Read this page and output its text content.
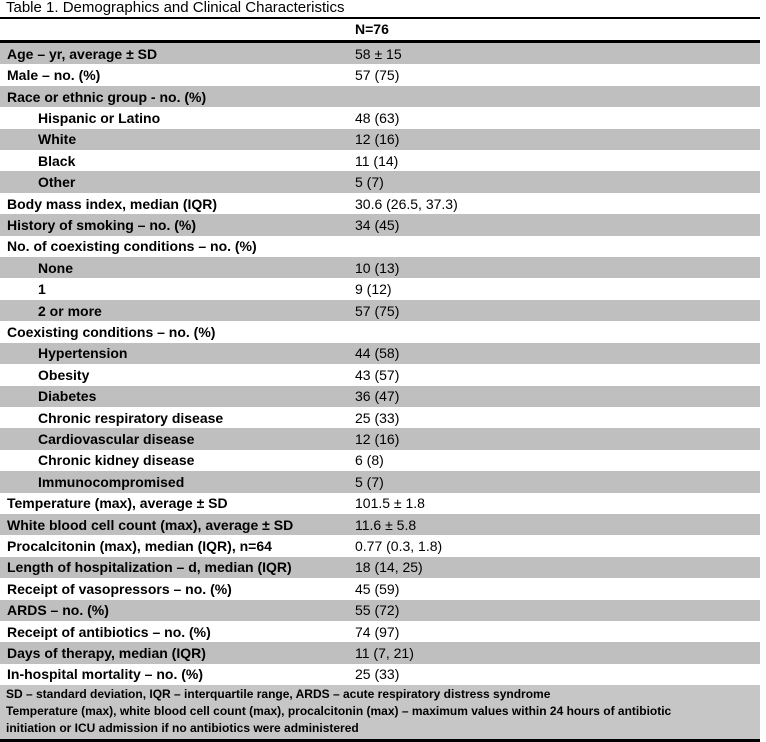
Table 1. Demographics and Clinical Characteristics
N=76
Age – yr, average ± SD	58 ± 15
Male – no. (%)	57 (75)
Race or ethnic group - no. (%)
Hispanic or Latino	48 (63)
White	12 (16)
Black	11 (14)
Other	5 (7)
Body mass index, median (IQR)	30.6 (26.5, 37.3)
History of smoking – no. (%)	34 (45)
No. of coexisting conditions – no. (%)
None	10 (13)
1	9 (12)
2 or more	57 (75)
Coexisting conditions – no. (%)
Hypertension	44 (58)
Obesity	43 (57)
Diabetes	36 (47)
Chronic respiratory disease	25 (33)
Cardiovascular disease	12 (16)
Chronic kidney disease	6 (8)
Immunocompromised	5 (7)
Temperature (max), average ± SD	101.5 ± 1.8
White blood cell count (max), average ± SD	11.6 ± 5.8
Procalcitonin (max), median (IQR), n=64	0.77 (0.3, 1.8)
Length of hospitalization – d, median (IQR)	18 (14, 25)
Receipt of vasopressors – no. (%)	45 (59)
ARDS – no. (%)	55 (72)
Receipt of antibiotics – no. (%)	74 (97)
Days of therapy, median (IQR)	11 (7, 21)
In-hospital mortality – no. (%)	25 (33)
SD – standard deviation, IQR – interquartile range, ARDS – acute respiratory distress syndrome
Temperature (max), white blood cell count (max), procalcitonin (max) – maximum values within 24 hours of antibiotic
initiation or ICU admission if no antibiotics were administered
